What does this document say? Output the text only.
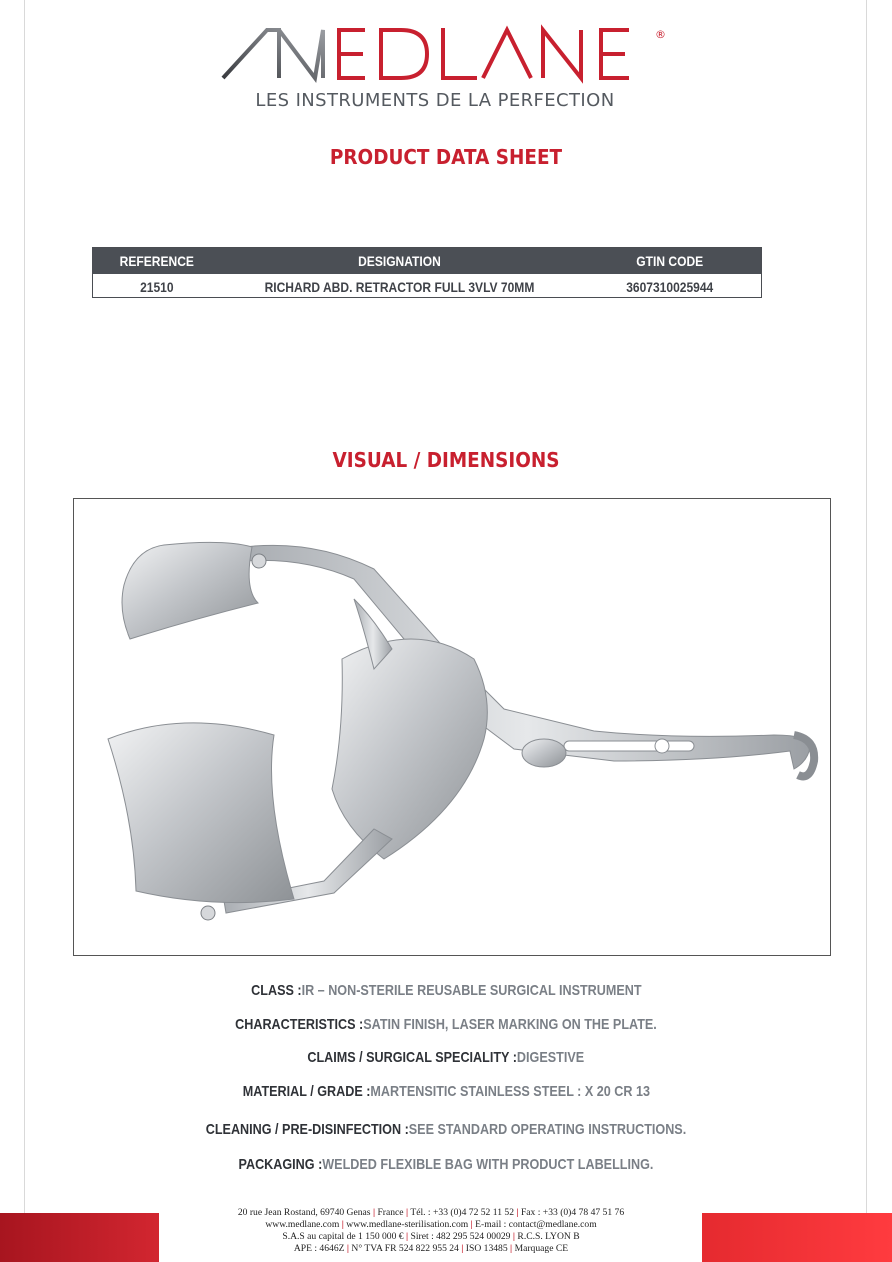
®
LES INSTRUMENTS DE LA PERFECTION
PRODUCT DATA SHEET
REFERENCE	DESIGNATION	GTIN CODE
21510	RICHARD ABD. RETRACTOR FULL 3VLV 70MM	3607310025944
VISUAL / DIMENSIONS
CLASS :IR – NON-STERILE REUSABLE SURGICAL INSTRUMENT
CHARACTERISTICS :SATIN FINISH, LASER MARKING ON THE PLATE.
CLAIMS / SURGICAL SPECIALITY :DIGESTIVE
MATERIAL / GRADE :MARTENSITIC STAINLESS STEEL : X 20 CR 13
CLEANING / PRE-DISINFECTION :SEE STANDARD OPERATING INSTRUCTIONS.
PACKAGING :WELDED FLEXIBLE BAG WITH PRODUCT LABELLING.
20 rue Jean Rostand, 69740 Genas | France | Tél. : +33 (0)4 72 52 11 52 | Fax : +33 (0)4 78 47 51 76
www.medlane.com | www.medlane-sterilisation.com | E-mail : contact@medlane.com
S.A.S au capital de 1 150 000 € | Siret : 482 295 524 00029 | R.C.S. LYON B
APE : 4646Z | N° TVA FR 524 822 955 24 | ISO 13485 | Marquage CE
